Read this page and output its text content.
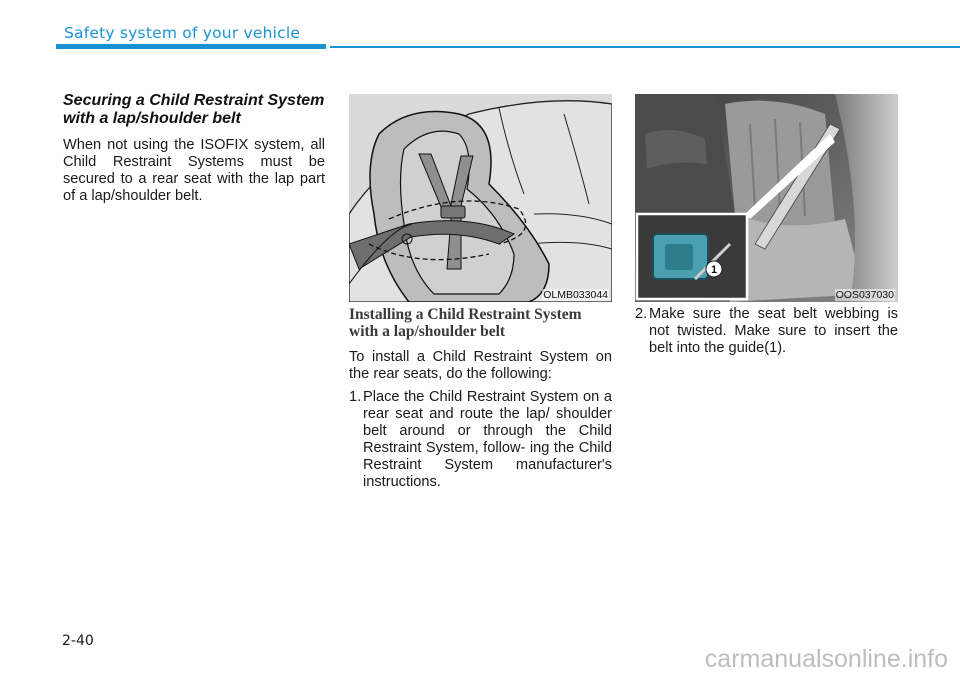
Safety system of your vehicle
Securing a Child Restraint System with a lap/shoulder belt

When not using the ISOFIX system, all Child Restraint Systems must be secured to a rear seat with the lap part of a lap/shoulder belt.

OLMB033044
Installing a Child Restraint System with a lap/shoulder belt

To install a Child Restraint System on the rear seats, do the following:

1. Place the Child Restraint System on a rear seat and route the lap/ shoulder belt around or through the Child Restraint System, follow- ing the Child Restraint System manufacturer's instructions.
1
OOS037030
2. Make sure the seat belt webbing is not twisted. Make sure to insert the belt into the guide(1).
2-40
carmanualsonline.info
